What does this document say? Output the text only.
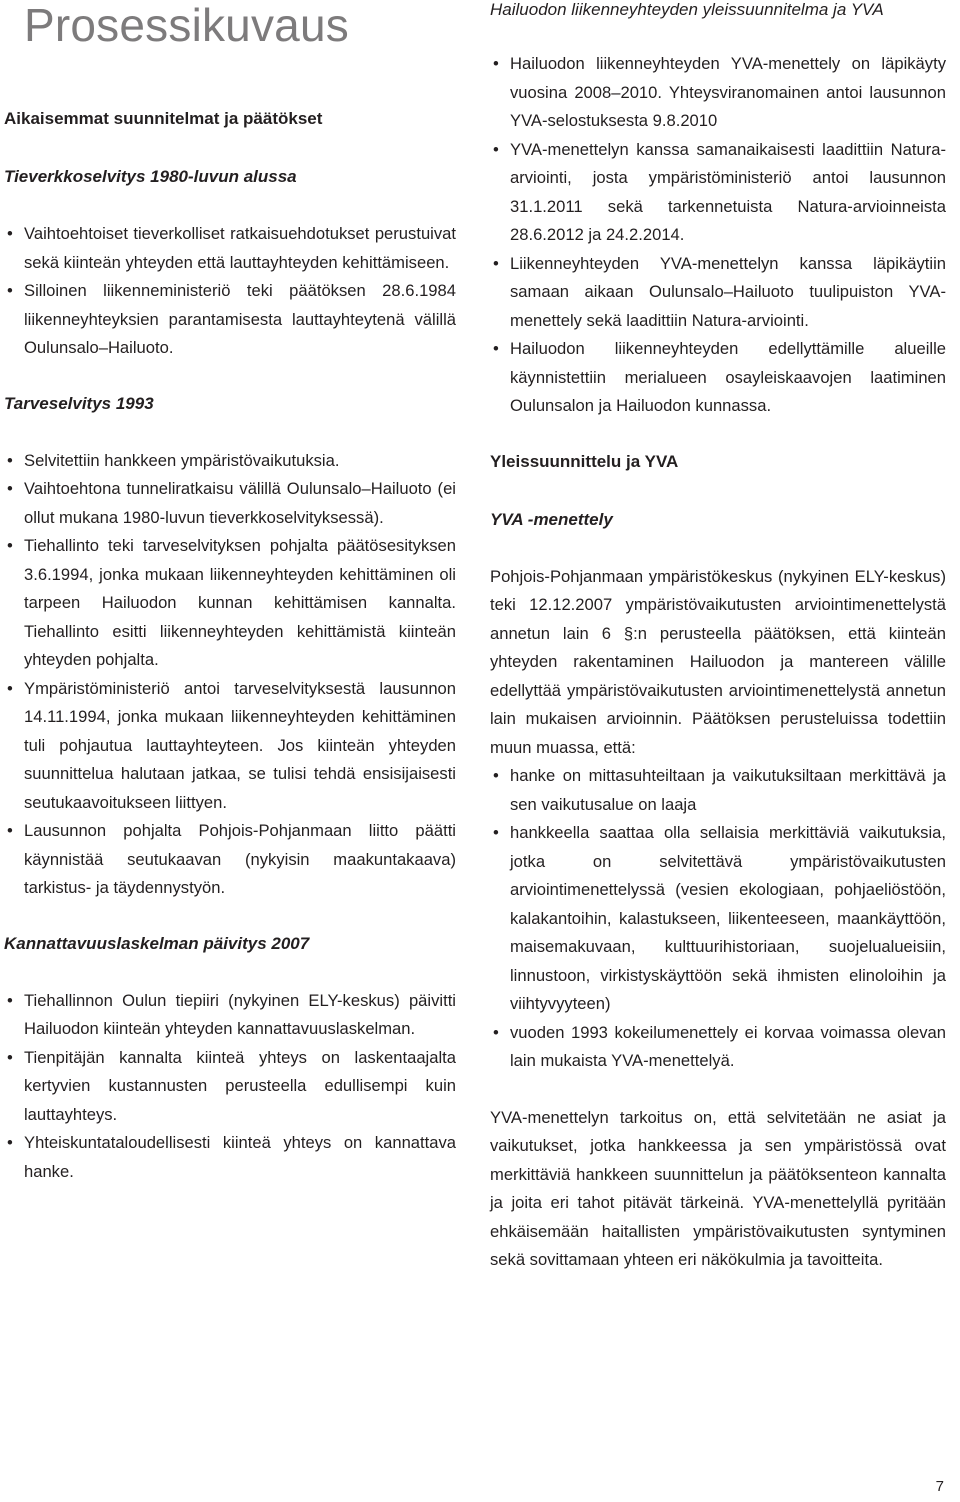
Prosessikuvaus	Hailuodon liikenneyhteyden yleissuunnitelma ja YVA
Aikaisemmat suunnitelmat ja päätökset
Tieverkkoselvitys 1980-luvun alussa
• Vaihtoehtoiset tieverkolliset ratkaisuehdotukset perustuivat sekä kiinteän yhteyden että lauttayhteyden kehittämiseen.
• Silloinen liikenneministeriö teki päätöksen 28.6.1984 liikenneyhteyksien parantamisesta lauttayhteytenä välillä Oulunsalo–Hailuoto.
Tarveselvitys 1993
• Selvitettiin hankkeen ympäristövaikutuksia.
• Vaihtoehtona tunneliratkaisu välillä Oulunsalo–Hailuoto (ei ollut mukana 1980-luvun tieverkkoselvityksessä).
• Tiehallinto teki tarveselvityksen pohjalta päätösesityksen 3.6.1994, jonka mukaan liikenneyhteyden kehittäminen oli tarpeen Hailuodon kunnan kehittämisen kannalta. Tiehallinto esitti liikenneyhteyden kehittämistä kiinteän yhteyden pohjalta.
• Ympäristöministeriö antoi tarveselvityksestä lausunnon 14.11.1994, jonka mukaan liikenneyhteyden kehittäminen tuli pohjautua lauttayhteyteen. Jos kiinteän yhteyden suunnittelua halutaan jatkaa, se tulisi tehdä ensisijaisesti seutukaavoitukseen liittyen.
• Lausunnon pohjalta Pohjois-Pohjanmaan liitto päätti käynnistää seutukaavan (nykyisin maakuntakaava) tarkistus- ja täydennystyön.
Kannattavuuslaskelman päivitys 2007
• Tiehallinnon Oulun tiepiiri (nykyinen ELY-keskus) päivitti Hailuodon kiinteän yhteyden kannattavuuslaskelman.
• Tienpitäjän kannalta kiinteä yhteys on laskentaajalta kertyvien kustannusten perusteella edullisempi kuin lauttayhteys.
• Yhteiskuntataloudellisesti kiinteä yhteys on kannattava hanke.
• Hailuodon liikenneyhteyden YVA-menettely on läpikäyty vuosina 2008–2010. Yhteysviranomainen antoi lausunnon YVA-selostuksesta 9.8.2010
• YVA-menettelyn kanssa samanaikaisesti laadittiin Natura-arviointi, josta ympäristöministeriö antoi lausunnon 31.1.2011 sekä tarkennetuista Natura-arvioinneista 28.6.2012 ja 24.2.2014.
• Liikenneyhteyden YVA-menettelyn kanssa läpikäytiin samaan aikaan Oulunsalo–Hailuoto tuulipuiston YVA-menettely sekä laadittiin Natura-arviointi.
• Hailuodon liikenneyhteyden edellyttämille alueille käynnistettiin merialueen osayleiskaavojen laatiminen Oulunsalon ja Hailuodon kunnassa.
Yleissuunnittelu ja YVA
YVA -menettely

Pohjois-Pohjanmaan ympäristökeskus (nykyinen ELY-keskus) teki 12.12.2007 ympäristövaikutusten arviointimenettelystä annetun lain 6 §:n perusteella päätöksen, että kiinteän yhteyden rakentaminen Hailuodon ja mantereen välille edellyttää ympäristövaikutusten arviointimenettelystä annetun lain mukaisen arvioinnin. Päätöksen perusteluissa todettiin muun muassa, että:

• hanke on mittasuhteiltaan ja vaikutuksiltaan merkittävä ja sen vaikutusalue on laaja
• hankkeella saattaa olla sellaisia merkittäviä vaikutuksia, jotka on selvitettävä ympäristövaikutusten arviointimenettelyssä (vesien ekologiaan, pohjaeliöstöön, kalakantoihin, kalastukseen, liikenteeseen, maankäyttöön, maisemakuvaan, kulttuurihistoriaan, suojelualueisiin, linnustoon, virkistyskäyttöön sekä ihmisten elinoloihin ja viihtyvyyteen)
• vuoden 1993 kokeilumenettely ei korvaa voimassa olevan lain mukaista YVA-menettelyä.

YVA-menettelyn tarkoitus on, että selvitetään ne asiat ja vaikutukset, jotka hankkeessa ja sen ympäristössä ovat merkittäviä hankkeen suunnittelun ja päätöksenteon kannalta ja joita eri tahot pitävät tärkeinä. YVA-menettelyllä pyritään ehkäisemään haitallisten ympäristövaikutusten syntyminen sekä sovittamaan yhteen eri näkökulmia ja tavoitteita.

7
